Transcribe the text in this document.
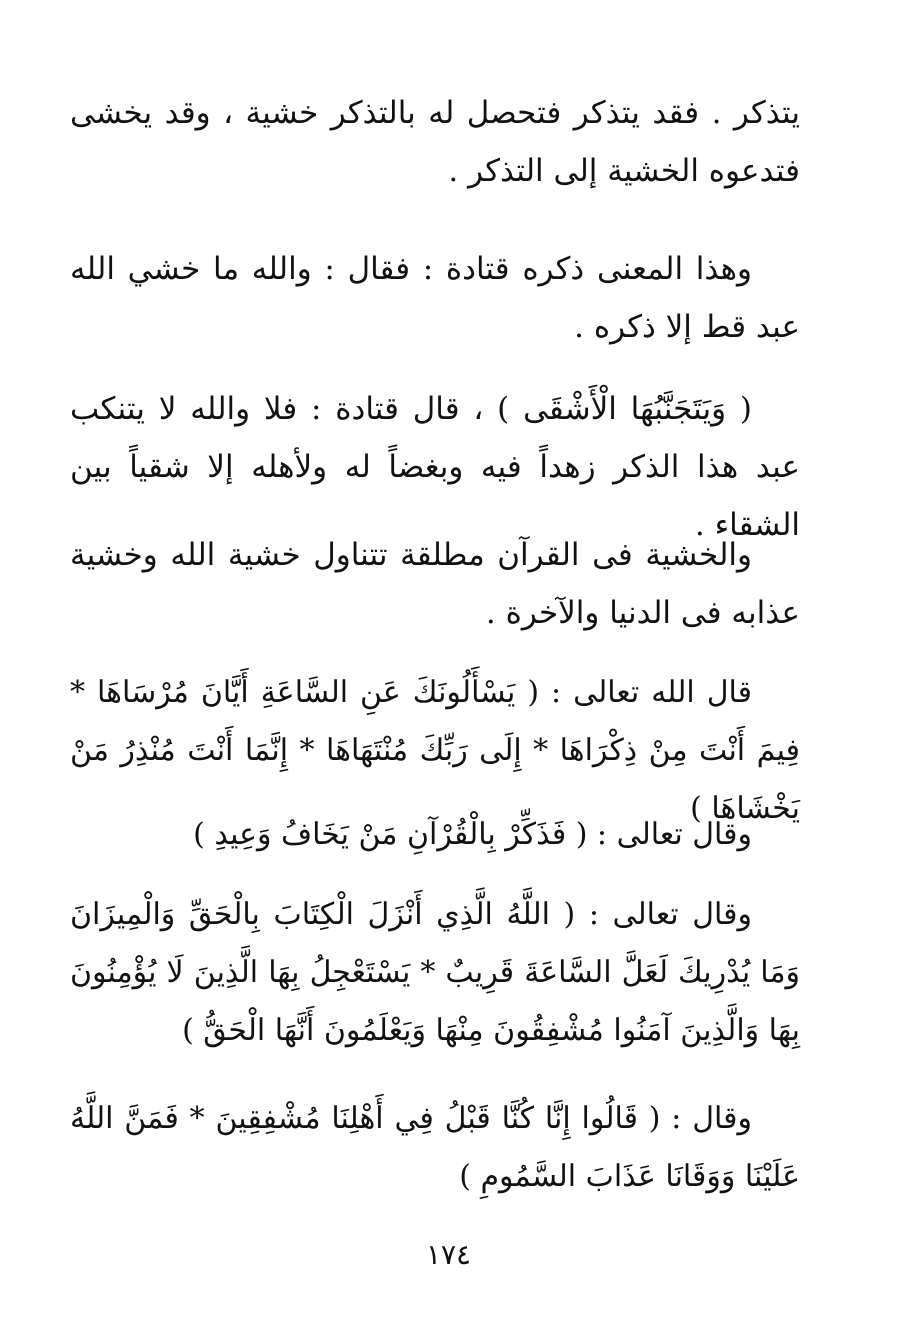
يتذكر . فقد يتذكر فتحصل له بالتذكر خشية ، وقد يخشى فتدعوه الخشية إلى التذكر .

وهذا المعنى ذكره قتادة : فقال : والله ما خشي الله عبد قط إلا ذكره .

( وَيَتَجَنَّبُهَا الْأَشْقَى ) ، قال قتادة : فلا والله لا يتنكب عبد هذا الذكر زهداً فيه وبغضاً له ولأهله إلا شقياً بين الشقاء .

والخشية فى القرآن مطلقة تتناول خشية الله وخشية عذابه فى الدنيا والآخرة .

قال الله تعالى : ( يَسْأَلُونَكَ عَنِ السَّاعَةِ أَيَّانَ مُرْسَاهَا * فِيمَ أَنْتَ مِنْ ذِكْرَاهَا * إِلَى رَبِّكَ مُنْتَهَاهَا * إِنَّمَا أَنْتَ مُنْذِرُ مَنْ يَخْشَاهَا )

وقال تعالى : ( فَذَكِّرْ بِالْقُرْآنِ مَنْ يَخَافُ وَعِيدِ )

وقال تعالى : ( اللَّهُ الَّذِي أَنْزَلَ الْكِتَابَ بِالْحَقِّ وَالْمِيزَانَ وَمَا يُدْرِيكَ لَعَلَّ السَّاعَةَ قَرِيبٌ * يَسْتَعْجِلُ بِهَا الَّذِينَ لَا يُؤْمِنُونَ بِهَا وَالَّذِينَ آمَنُوا مُشْفِقُونَ مِنْهَا وَيَعْلَمُونَ أَنَّهَا الْحَقُّ )

وقال : ( قَالُوا إِنَّا كُنَّا قَبْلُ فِي أَهْلِنَا مُشْفِقِينَ * فَمَنَّ اللَّهُ عَلَيْنَا وَوَقَانَا عَذَابَ السَّمُومِ )

١٧٤
